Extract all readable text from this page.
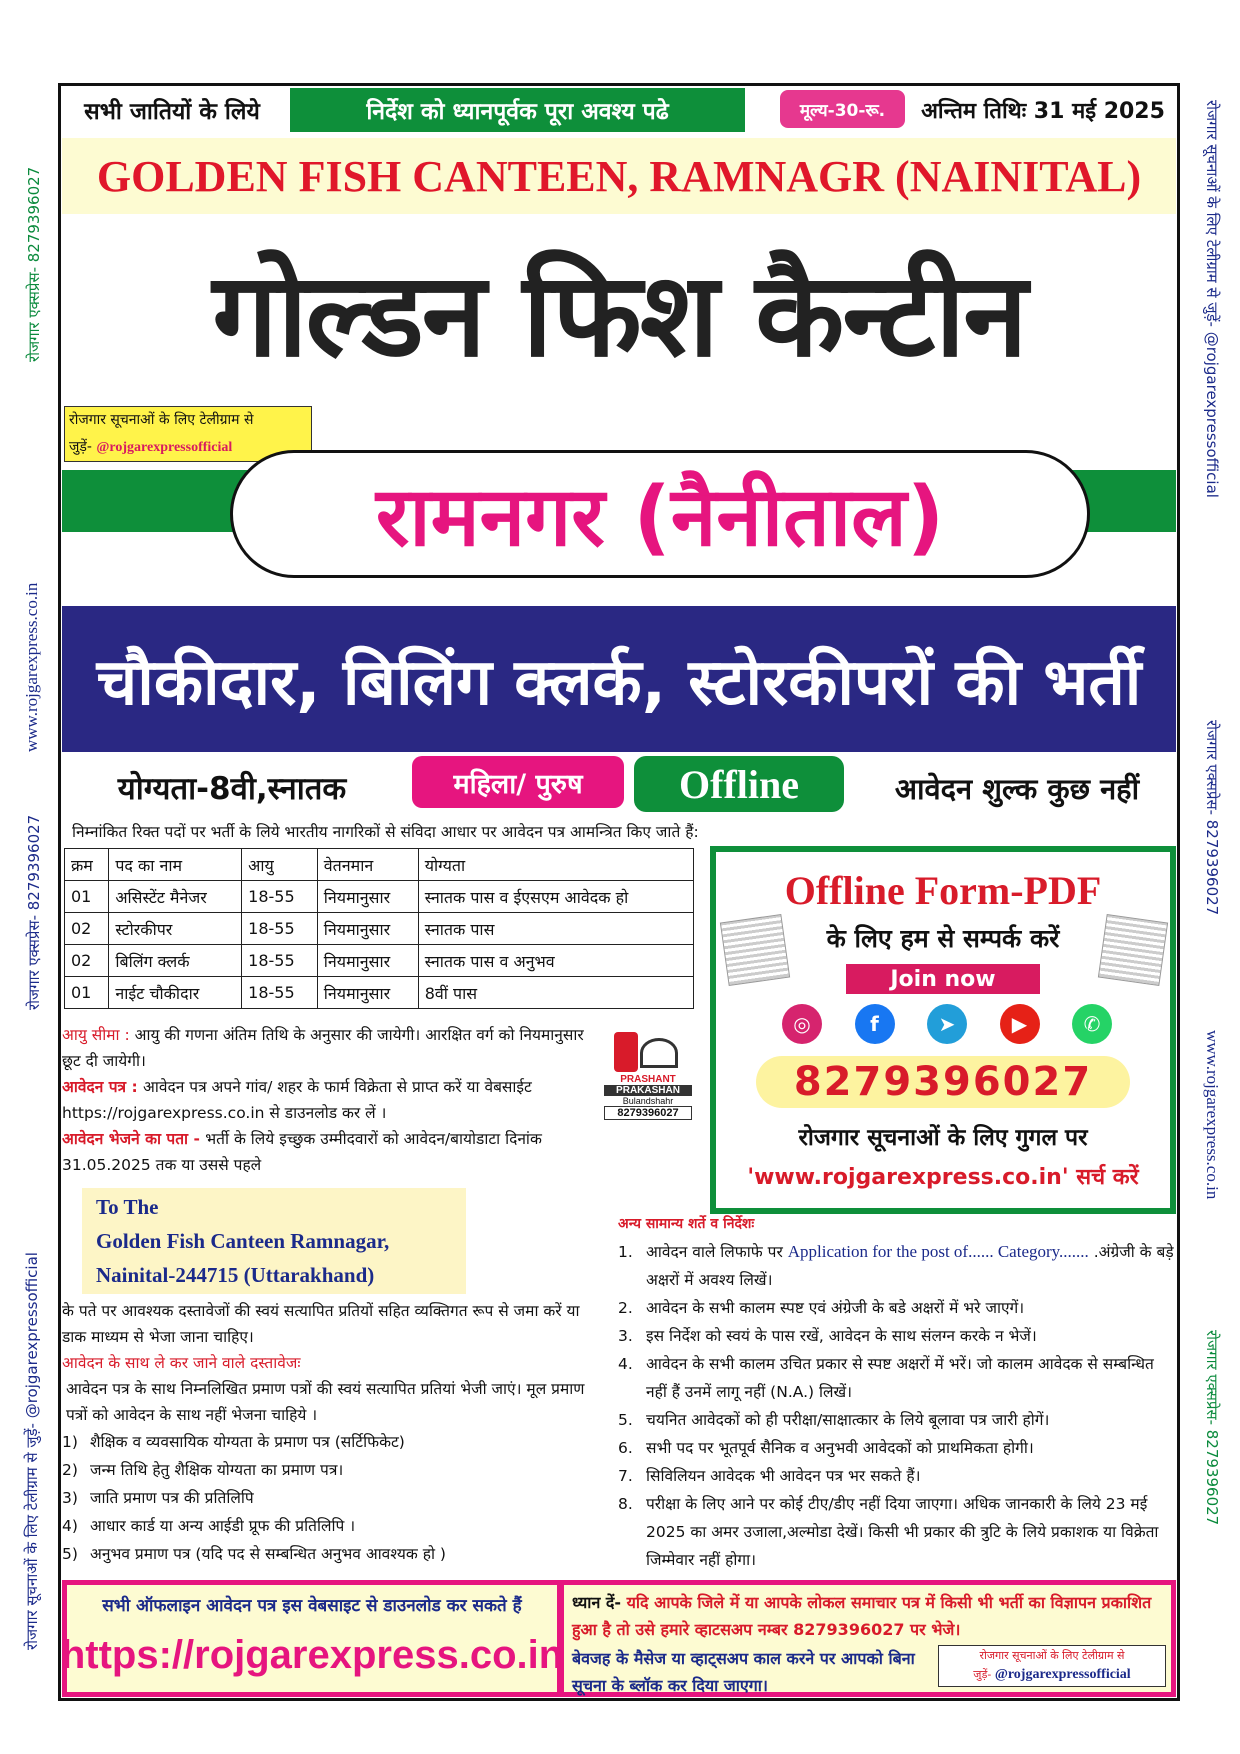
रोजगार एक्सप्रेस- 8279396027
www.rojgarexpress.co.in
रोजगार एक्सप्रेस- 8279396027
रोजगार सूचनाओं के लिए टेलीग्राम से जुड़ें- @rojgarexpressofficial
रोजगार सूचनाओं के लिए टेलीग्राम से जुड़ें- @rojgarexpressofficial
रोजगार एक्सप्रेस- 8279396027
www.rojgarexpress.co.in
रोजगार एक्सप्रेस- 8279396027
सभी जातियों के लिये	निर्देश को ध्यानपूर्वक पूरा अवश्य पढे	मूल्य-30-रू.	अन्तिम तिथिः 31 मई 2025
GOLDEN FISH CANTEEN, RAMNAGR (NAINITAL)
गोल्डन फिश कैन्टीन
रोजगार सूचनाओं के लिए टेलीग्राम से
जुड़ें- @rojgarexpressofficial
रामनगर (नैनीताल)
चौकीदार, बिलिंग क्लर्क, स्टोरकीपरों की भर्ती
योग्यता-8वी,स्नातक	महिला/ पुरुष	Offline	आवेदन शुल्क कुछ नहीं
निम्नांकित रिक्त पदों पर भर्ती के लिये भारतीय नागरिकों से संविदा आधार पर आवेदन पत्र आमन्त्रित किए जाते हैं:
क्रम	पद का नाम	आयु	वेतनमान	योग्यता
01	असिस्टेंट मैनेजर	18-55	नियमानुसार	स्नातक पास व ईएसएम आवेदक हो
02	स्टोरकीपर	18-55	नियमानुसार	स्नातक पास
02	बिलिंग क्लर्क	18-55	नियमानुसार	स्नातक पास व अनुभव
01	नाईट चौकीदार	18-55	नियमानुसार	8वीं पास
Offline Form-PDF
के लिए हम से सम्पर्क करें
Join now
◎	f	➤	▶	✆
8279396027
रोजगार सूचनाओं के लिए गुगल पर
'www.rojgarexpress.co.in' सर्च करें
PRASHANT
PRAKASHAN
Bulandshahr
8279396027

आयु सीमा : आयु की गणना अंतिम तिथि के अनुसार की जायेगी। आरक्षित वर्ग को नियमानुसार छूट दी जायेगी।

आवेदन पत्र : आवेदन पत्र अपने गांव/ शहर के फार्म विक्रेता से प्राप्त करें या वेबसाईट https://rojgarexpress.co.in से डाउनलोड कर लें ।

आवेदन भेजने का पता - भर्ती के लिये इच्छुक उम्मीदवारों को आवेदन/बायोडाटा दिनांक 31.05.2025 तक या उससे पहले

To The
Golden Fish Canteen Ramnagar,
Nainital-244715 (Uttarakhand)

के पते पर आवश्यक दस्तावेजों की स्वयं सत्यापित प्रतियों सहित व्यक्तिगत रूप से जमा करें या डाक माध्यम से भेजा जाना चाहिए।

आवेदन के साथ ले कर जाने वाले दस्तावेजः

आवेदन पत्र के साथ निम्नलिखित प्रमाण पत्रों की स्वयं सत्यापित प्रतियां भेजी जाएं। मूल प्रमाण पत्रों को आवेदन के साथ नहीं भेजना चाहिये ।

1) शैक्षिक व व्यवसायिक योग्यता के प्रमाण पत्र (सर्टिफिकेट)
2) जन्म तिथि हेतु शैक्षिक योग्यता का प्रमाण पत्र।
3) जाति प्रमाण पत्र की प्रतिलिपि
4) आधार कार्ड या अन्य आईडी प्रूफ की प्रतिलिपि ।
5) अनुभव प्रमाण पत्र (यदि पद से सम्बन्धित अनुभव आवश्यक हो )
अन्य सामान्य शर्ते व निर्देशः
1. आवेदन वाले लिफाफे पर Application for the post of...... Category....... .अंग्रेजी के बड़े अक्षरों में अवश्य लिखें।
2. आवेदन के सभी कालम स्पष्ट एवं अंग्रेजी के बडे अक्षरों में भरे जाएगें।
3. इस निर्देश को स्वयं के पास रखें, आवेदन के साथ संलग्न करके न भेजें।
4. आवेदन के सभी कालम उचित प्रकार से स्पष्ट अक्षरों में भरें। जो कालम आवेदक से सम्बन्धित नहीं हैं उनमें लागू नहीं (N.A.) लिखें।
5. चयनित आवेदकों को ही परीक्षा/साक्षात्कार के लिये बूलावा पत्र जारी होगें।
6. सभी पद पर भूतपूर्व सैनिक व अनुभवी आवेदकों को प्राथमिकता होगी।
7. सिविलियन आवेदक भी आवेदन पत्र भर सकते हैं।
8. परीक्षा के लिए आने पर कोई टीए/डीए नहीं दिया जाएगा। अधिक जानकारी के लिये 23 मई 2025 का अमर उजाला,अल्मोडा देखें। किसी भी प्रकार की त्रुटि के लिये प्रकाशक या विक्रेता जिम्मेवार नहीं होगा।
सभी ऑफलाइन आवेदन पत्र इस वेबसाइट से डाउनलोड कर सकते हैं
https://rojgarexpress.co.in
ध्यान दें- यदि आपके जिले में या आपके लोकल समाचार पत्र में किसी भी भर्ती का विज्ञापन प्रकाशित हुआ है तो उसे हमारे व्हाटसअप नम्बर 8279396027 पर भेजे।
बेवजह के मैसेज या व्हाट्सअप काल करने पर आपको बिना सूचना के ब्लॉक कर दिया जाएगा।
रोजगार सूचनाओं के लिए टेलीग्राम से
जुड़ें- @rojgarexpressofficial
